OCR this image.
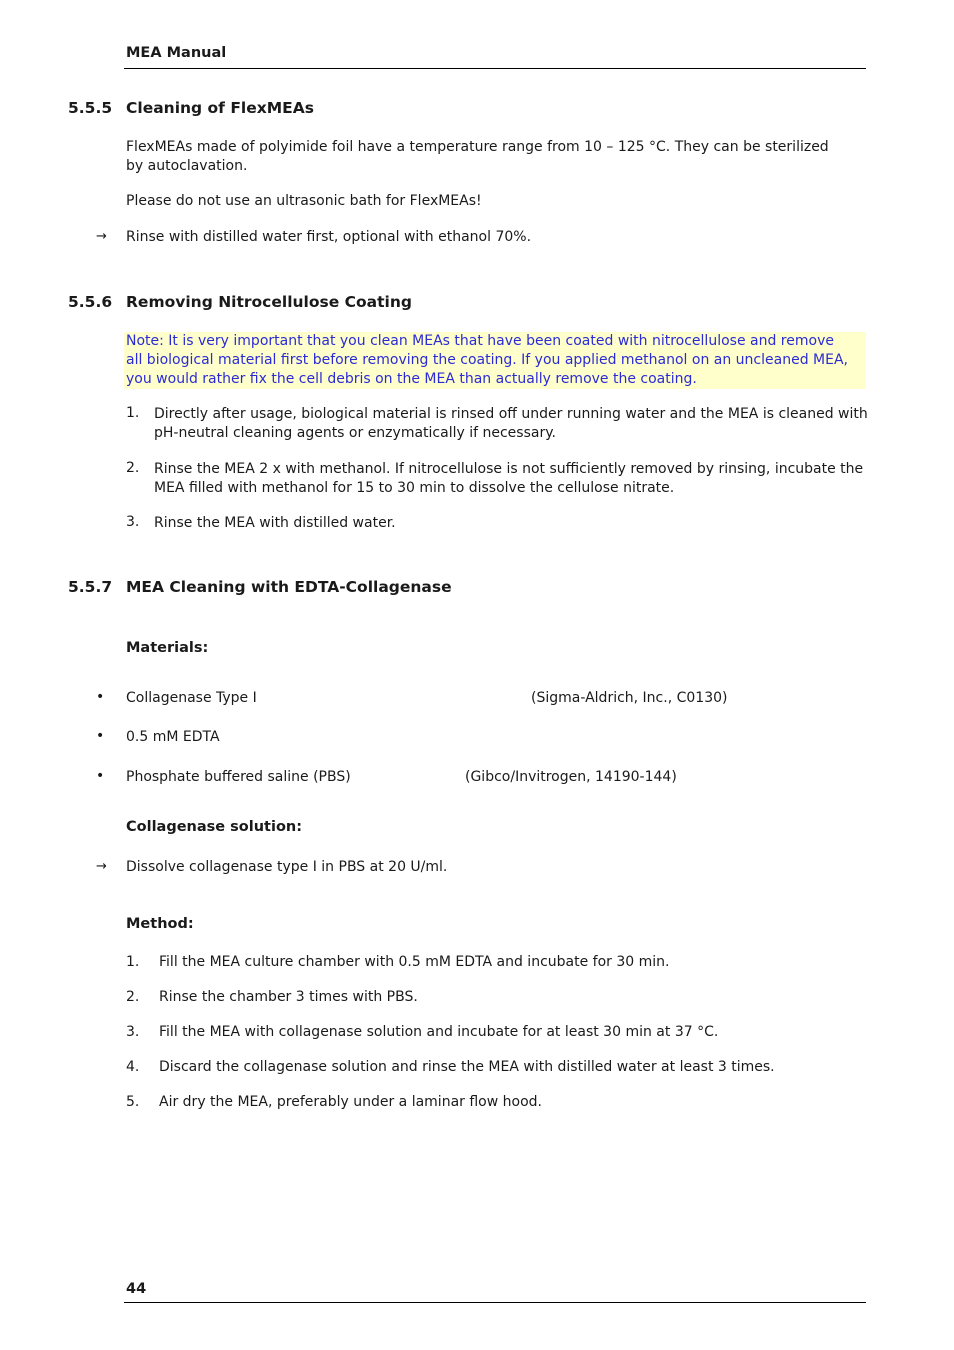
MEA Manual
5.5.5 Cleaning of FlexMEAs
FlexMEAs made of polyimide foil have a temperature range from 10 – 125 °C. They can be sterilized
by autoclavation.
Please do not use an ultrasonic bath for FlexMEAs!
→ Rinse with distilled water first, optional with ethanol 70%.
5.5.6 Removing Nitrocellulose Coating
Note: It is very important that you clean MEAs that have been coated with nitrocellulose and remove
all biological material first before removing the coating. If you applied methanol on an uncleaned MEA,
you would rather fix the cell debris on the MEA than actually remove the coating.
1. Directly after usage, biological material is rinsed off under running water and the MEA is cleaned with
pH-neutral cleaning agents or enzymatically if necessary.
2. Rinse the MEA 2 x with methanol. If nitrocellulose is not sufficiently removed by rinsing, incubate the
MEA filled with methanol for 15 to 30 min to dissolve the cellulose nitrate.
3. Rinse the MEA with distilled water.
5.5.7 MEA Cleaning with EDTA-Collagenase
Materials:
• Collagenase Type I	(Sigma-Aldrich, Inc., C0130)
• 0.5 mM EDTA
• Phosphate buffered saline (PBS)	(Gibco/Invitrogen, 14190-144)
Collagenase solution:
→ Dissolve collagenase type I in PBS at 20 U/ml.
Method:
1. Fill the MEA culture chamber with 0.5 mM EDTA and incubate for 30 min.
2. Rinse the chamber 3 times with PBS.
3. Fill the MEA with collagenase solution and incubate for at least 30 min at 37 °C.
4. Discard the collagenase solution and rinse the MEA with distilled water at least 3 times.
5. Air dry the MEA, preferably under a laminar flow hood.
44
